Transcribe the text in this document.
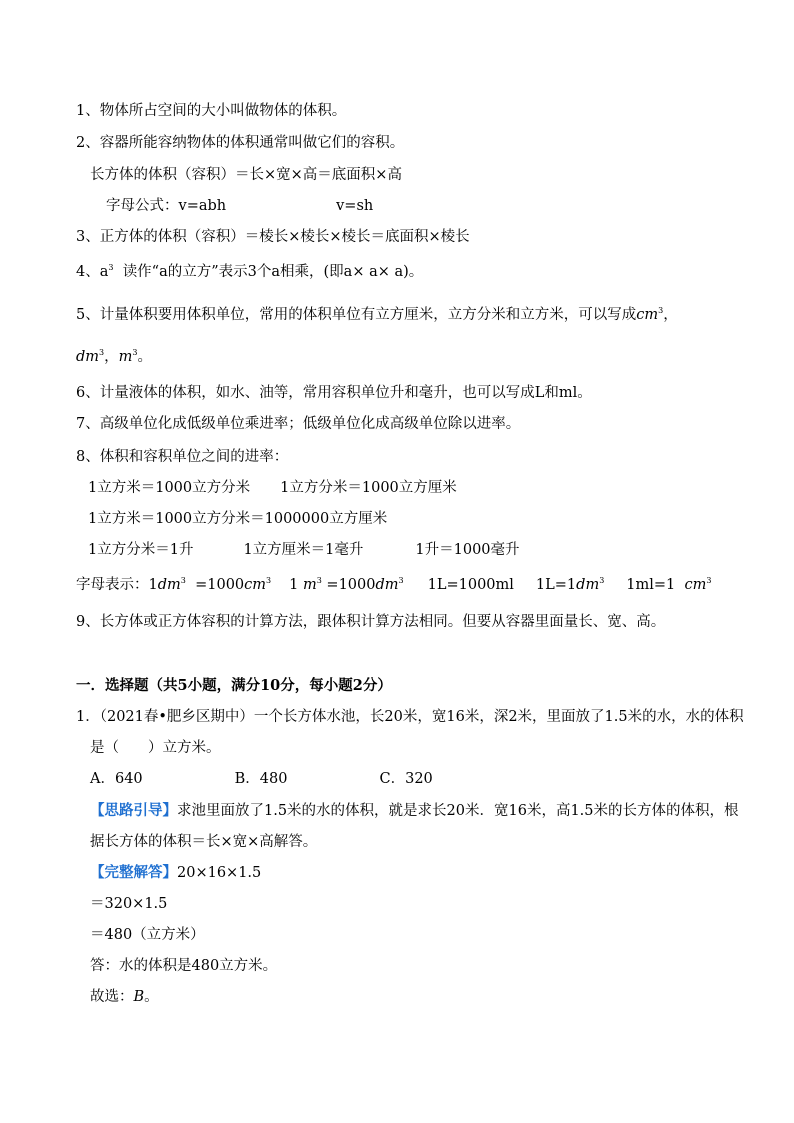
1、物体所占空间的大小叫做物体的体积。
2、容器所能容纳物体的体积通常叫做它们的容积。
长方体的体积（容积）＝长×宽×高＝底面积×高
字母公式：v=abh	v=sh
3、正方体的体积（容积）＝棱长×棱长×棱长＝底面积×棱长
4、$a^3$ 读作“a的立方”表示3个a相乘，(即a× a× a)。
5、计量体积要用体积单位，常用的体积单位有立方厘米，立方分米和立方米，可以写成$cm^3$，
$dm^3$，$m^3$。
6、计量液体的体积，如水、油等，常用容积单位升和毫升，也可以写成L和ml。
7、高级单位化成低级单位乘进率；低级单位化成高级单位除以进率。
8、体积和容积单位之间的进率：
1立方米＝1000立方分米 1立方分米＝1000立方厘米
1立方米＝1000立方分米＝1000000立方厘米
1立方分米＝1升	1立方厘米＝1毫升	1升＝1000毫升
字母表示：$1dm^3 =1000cm^3$ 1 $m^3 =1000dm^3$ 1L=1000ml $1L=1dm^3$ 1ml=1 $cm^3$
9、长方体或正方体容积的计算方法，跟体积计算方法相同。但要从容器里面量长、宽、高。
一．选择题（共5小题，满分10分，每小题2分）
1．（2021春•肥乡区期中）一个长方体水池，长20米，宽16米，深2米，里面放了1.5米的水，水的体积
是（　　）立方米。
A．640	B．480	C．320
【思路引导】求池里面放了1.5米的水的体积，就是求长20米．宽16米，高1.5米的长方体的体积，根
据长方体的体积＝长×宽×高解答。
【完整解答】20×16×1.5
＝320×1.5
＝480（立方米）
答：水的体积是480立方米。
故选：B。
